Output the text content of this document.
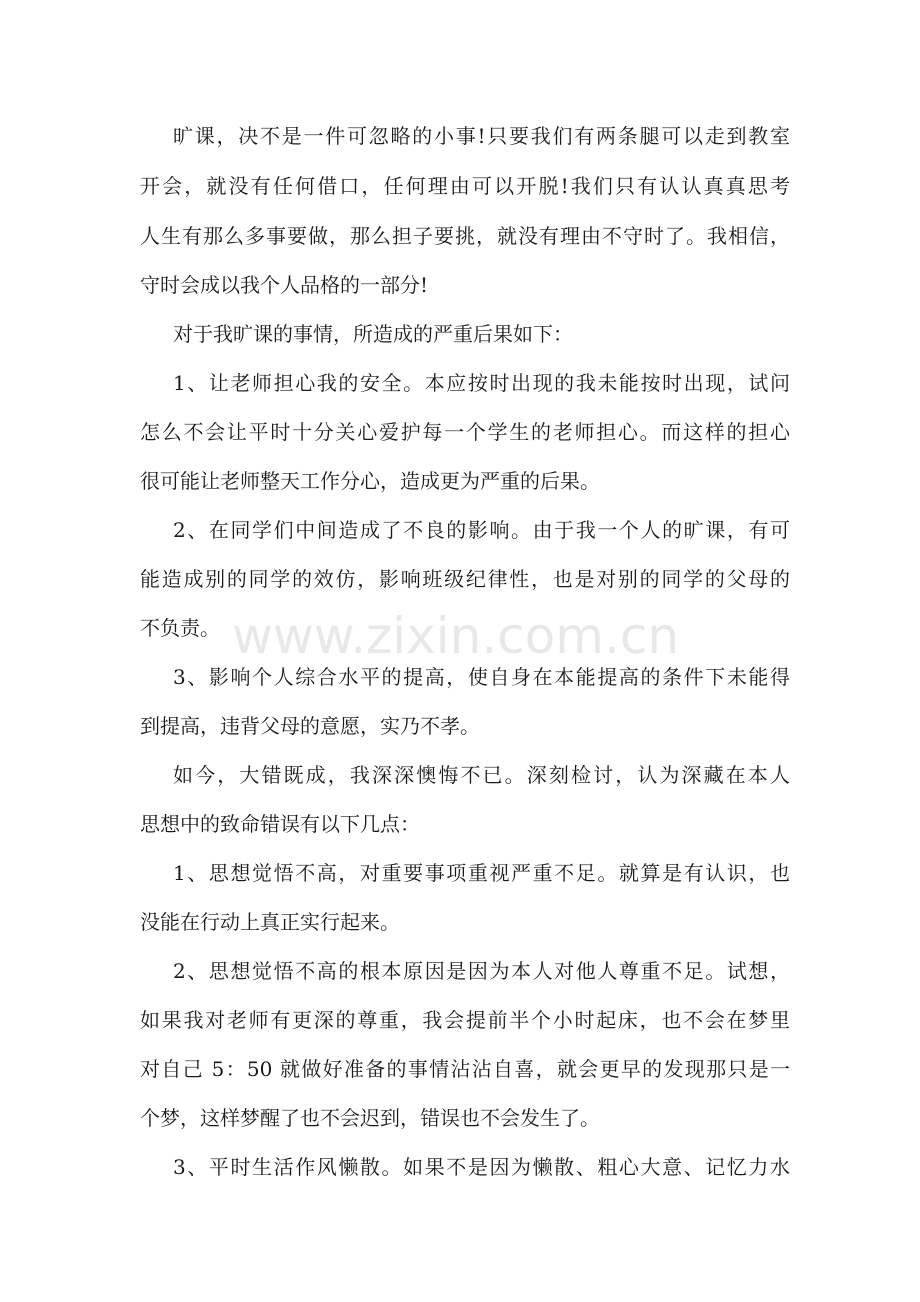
旷课，决不是一件可忽略的小事!只要我们有两条腿可以走到教室

开会，就没有任何借口，任何理由可以开脱!我们只有认认真真思考

人生有那么多事要做，那么担子要挑，就没有理由不守时了。我相信，

守时会成以我个人品格的一部分!

对于我旷课的事情，所造成的严重后果如下：

1、让老师担心我的安全。本应按时出现的我未能按时出现，试问

怎么不会让平时十分关心爱护每一个学生的老师担心。而这样的担心

很可能让老师整天工作分心，造成更为严重的后果。

2、在同学们中间造成了不良的影响。由于我一个人的旷课，有可

能造成别的同学的效仿，影响班级纪律性，也是对别的同学的父母的

不负责。

3、影响个人综合水平的提高，使自身在本能提高的条件下未能得

到提高，违背父母的意愿，实乃不孝。

如今，大错既成，我深深懊悔不已。深刻检讨，认为深藏在本人

思想中的致命错误有以下几点：

1、思想觉悟不高，对重要事项重视严重不足。就算是有认识，也

没能在行动上真正实行起来。

2、思想觉悟不高的根本原因是因为本人对他人尊重不足。试想，

如果我对老师有更深的尊重，我会提前半个小时起床，也不会在梦里

对自己 5：50 就做好准备的事情沾沾自喜，就会更早的发现那只是一

个梦，这样梦醒了也不会迟到，错误也不会发生了。

3、平时生活作风懒散。如果不是因为懒散、粗心大意、记忆力水

www.zixin.com.cn
